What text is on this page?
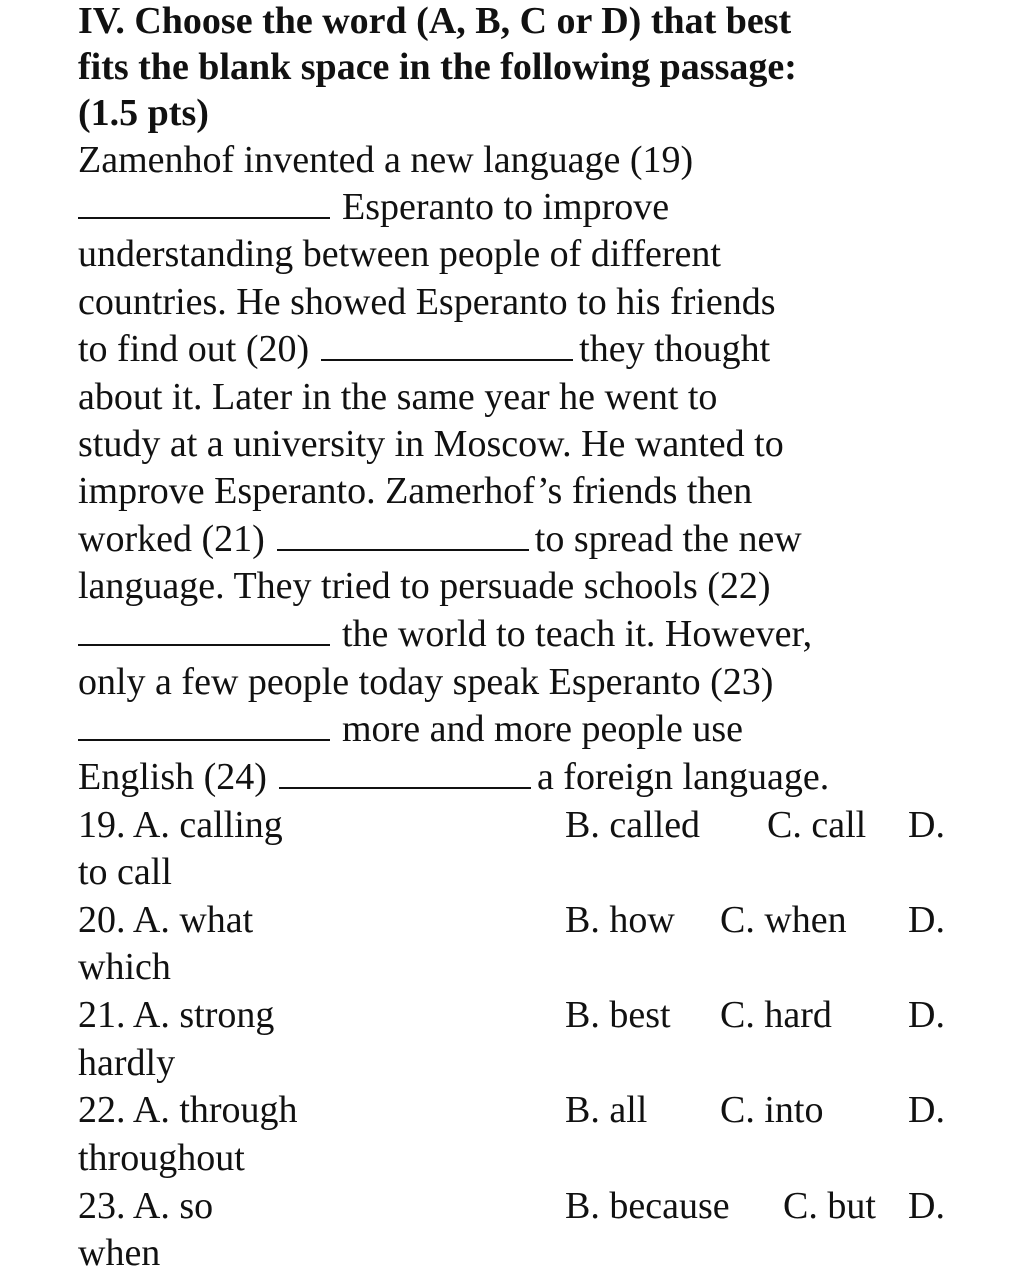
IV. Choose the word (A, B, C or D) that best
fits the blank space in the following passage:
(1.5 pts)
Zamenhof invented a new language (19)
Esperanto to improve
understanding between people of different
countries. He showed Esperanto to his friends
to find out (20)	they thought
about it. Later in the same year he went to
study at a university in Moscow. He wanted to
improve Esperanto. Zamerhof’s friends then
worked (21)	to spread the new
language. They tried to persuade schools (22)
the world to teach it. However,
only a few people today speak Esperanto (23)
more and more people use
English (24)	a foreign language.
19. A. calling	B. called C. call D.
to call
20. A. what	B. how C. when D.
which
21. A. strong	B. best C. hard D.
hardly
22. A. through	B. all C. into D.
throughout
23. A. so	B. because C. but D.
when
